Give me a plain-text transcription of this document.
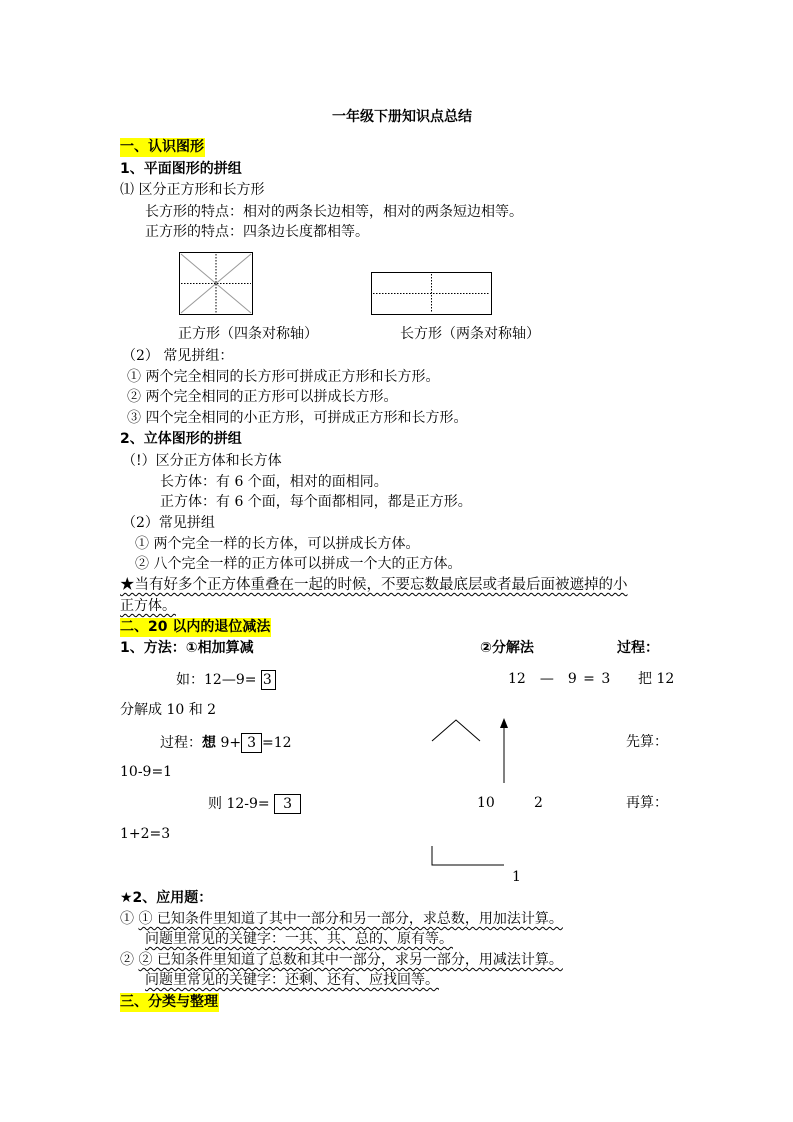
一年级下册知识点总结
一、认识图形
1、平面图形的拼组
⑴ 区分正方形和长方形
长方形的特点：相对的两条长边相等，相对的两条短边相等。
正方形的特点：四条边长度都相等。
正方形（四条对称轴）	长方形（两条对称轴）
（2） 常见拼组：
① 两个完全相同的长方形可拼成正方形和长方形。
② 两个完全相同的正方形可以拼成长方形。
③ 四个完全相同的小正方形，可拼成正方形和长方形。
2、立体图形的拼组
（!）区分正方体和长方体
长方体：有 6 个面，相对的面相同。
正方体：有 6 个面，每个面都相同，都是正方形。
（2）常见拼组
① 两个完全一样的长方体，可以拼成长方体。
② 八个完全一样的正方体可以拼成一个大的正方体。
★当有好多个正方体重叠在一起的时候，不要忘数最底层或者最后面被遮掉的小
正方体。
二、20 以内的退位减法
1、方法：①相加算减	②分解法	过程：
如：12—9= 3	12　—　9 = 3 把 12
分解成 10 和 2
过程：想 9+ 3 =12	先算：
10-9=1
则 12-9= 3	10	2	再算：
1+2=3
1
★2、应用题：
① ① 已知条件里知道了其中一部分和另一部分，求总数，用加法计算。
问题里常见的关键字：一共、共、总的、原有等。
② ② 已知条件里知道了总数和其中一部分，求另一部分，用减法计算。
问题里常见的关键字：还剩、还有、应找回等。
三、分类与整理
